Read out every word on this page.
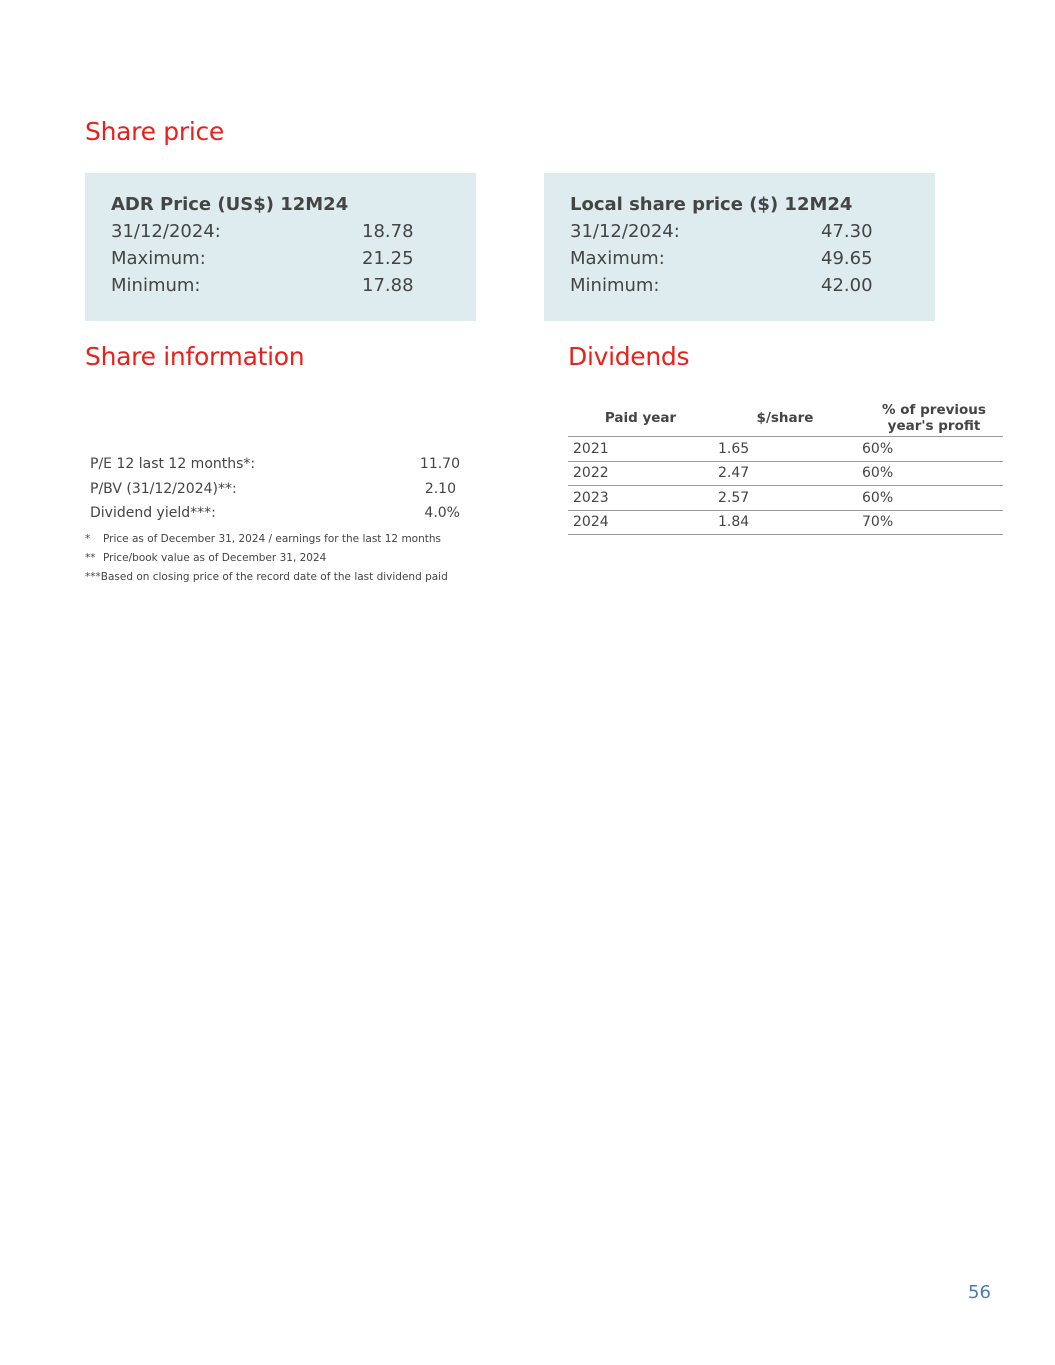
Share price
ADR Price (US$) 12M24
31/12/2024:	18.78
Maximum:	21.25
Minimum:	17.88
Local share price ($) 12M24
31/12/2024:	47.30
Maximum:	49.65
Minimum:	42.00
Share information	Dividends
P/E 12 last 12 months*:	11.70
P/BV (31/12/2024)**:	2.10
Dividend yield***:	4.0%
* Price as of December 31, 2024 / earnings for the last 12 months
** Price/book value as of December 31, 2024
***Based on closing price of the record date of the last dividend paid
Paid year	$/share	% of previous year's profit
2021	1.65	60%
2022	2.47	60%
2023	2.57	60%
2024	1.84	70%
56
